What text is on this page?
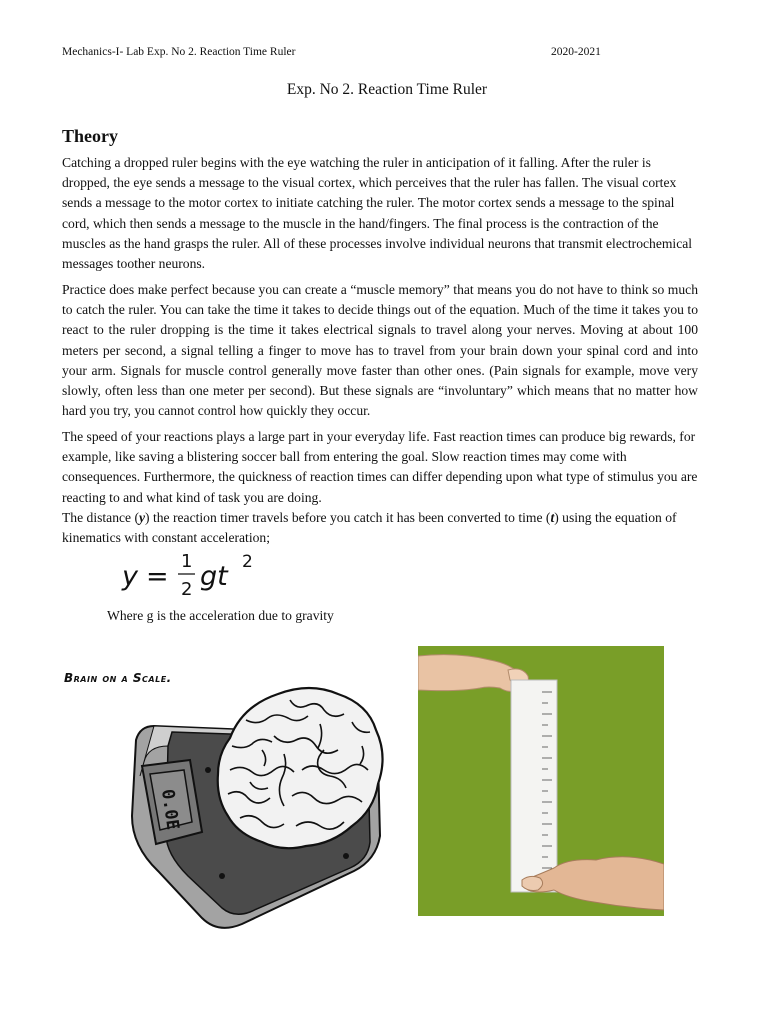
Mechanics-I- Lab Exp. No 2. Reaction Time Ruler	2020-2021
Exp. No 2. Reaction Time Ruler
Theory

Catching a dropped ruler begins with the eye watching the ruler in anticipation of it falling. After the ruler is dropped, the eye sends a message to the visual cortex, which perceives that the ruler has fallen. The visual cortex sends a message to the motor cortex to initiate catching the ruler. The motor cortex sends a message to the spinal cord, which then sends a message to the muscle in the hand/fingers. The final process is the contraction of the muscles as the hand grasps the ruler. All of these processes involve individual neurons that transmit electrochemical messages toother neurons.

Practice does make perfect because you can create a “muscle memory” that means you do not have to think so much to catch the ruler. You can take the time it takes to decide things out of the equation. Much of the time it takes you to react to the ruler dropping is the time it takes electrical signals to travel along your nerves. Moving at about 100 meters per second, a signal telling a finger to move has to travel from your brain down your spinal cord and into your arm. Signals for muscle control generally move faster than other ones. (Pain signals for example, move very slowly, often less than one meter per second). But these signals are “involuntary” which means that no matter how hard you try, you cannot control how quickly they occur.

The speed of your reactions plays a large part in your everyday life. Fast reaction times can produce big rewards, for example, like saving a blistering soccer ball from entering the goal. Slow reaction times may come with consequences. Furthermore, the quickness of reaction times can differ depending upon what type of stimulus you are reacting to and what kind of task you are doing.

The distance (y) the reaction timer travels before you catch it has been converted to time (t) using the equation of kinematics with constant acceleration;

y = 1
2 gt 2
Where g is the acceleration due to gravity
Brain on a Scale.
0.0E
